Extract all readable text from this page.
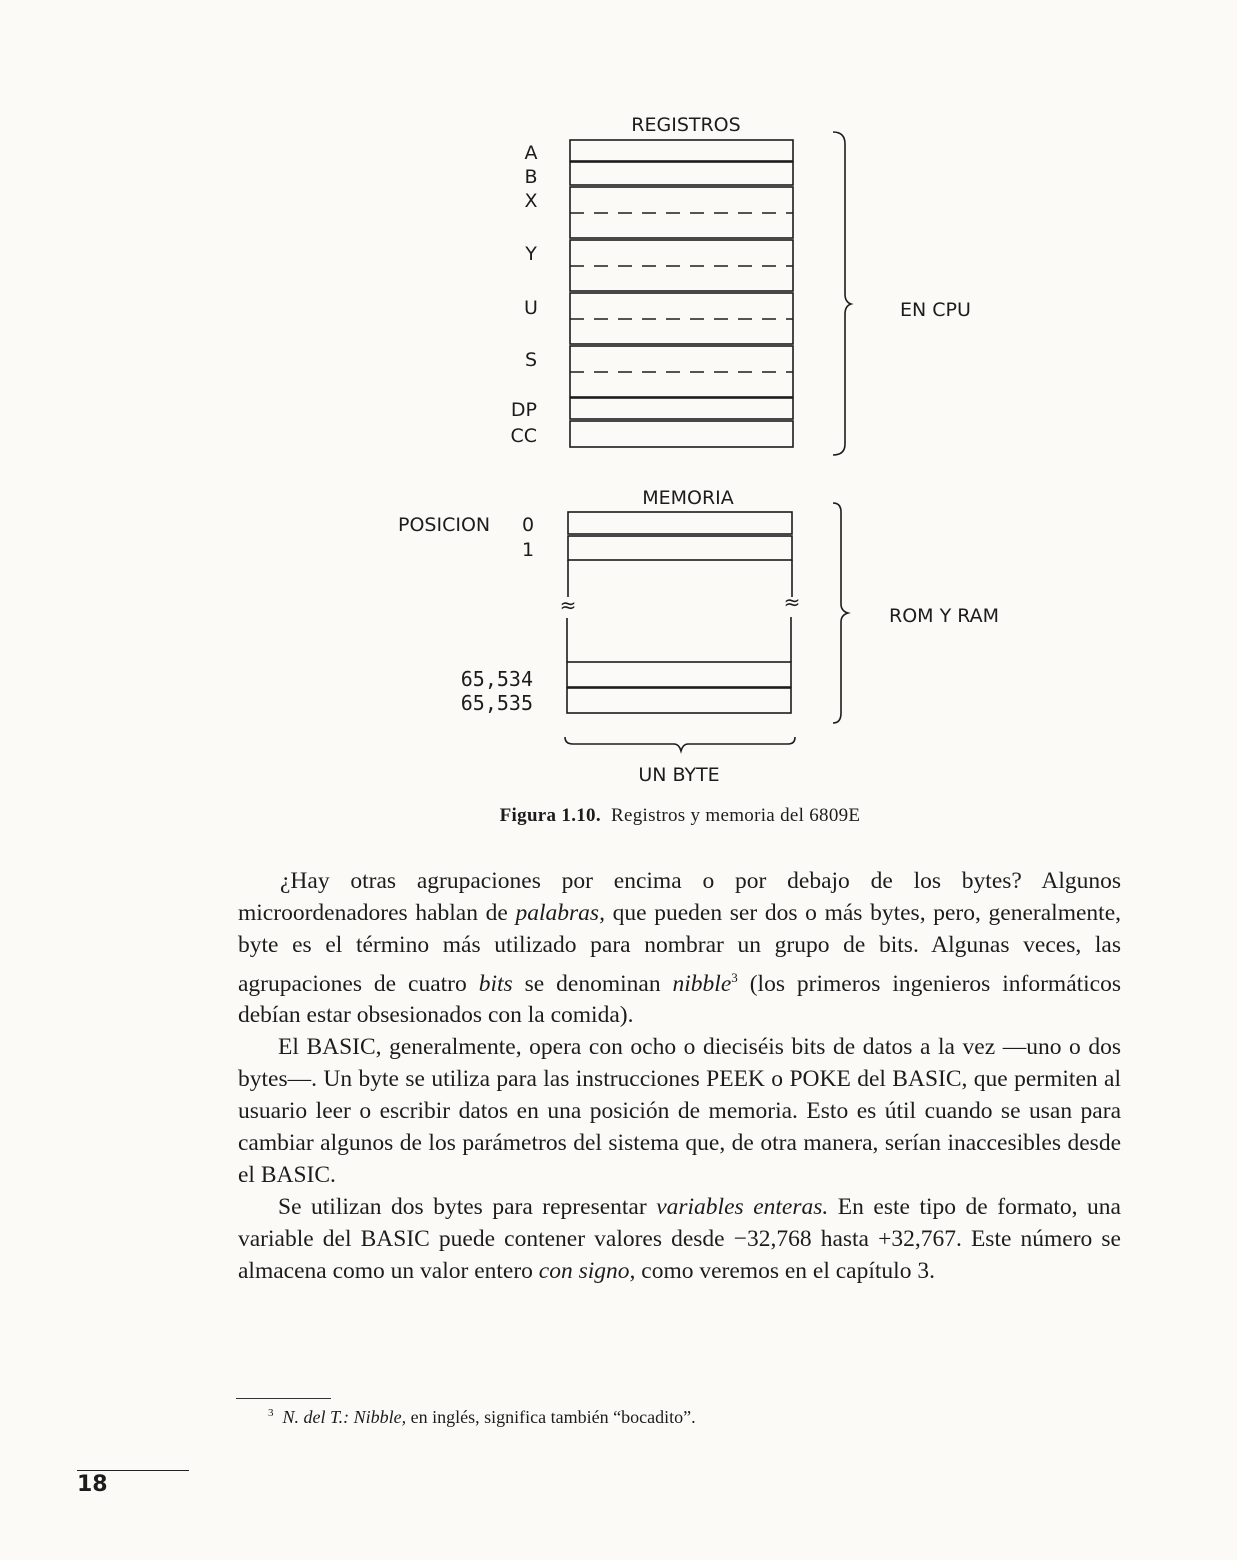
REGISTROS
A
B
X
Y
U
S
DP
CC
EN CPU
MEMORIA
POSICION 0
1
65,534
65,535
≈	≈
ROM Y RAM
UN BYTE
Figura 1.10. Registros y memoria del 6809E

¿Hay otras agrupaciones por encima o por debajo de los bytes? Algunos microordenadores hablan de palabras, que pueden ser dos o más bytes, pero, generalmente, byte es el término más utilizado para nombrar un grupo de bits. Algunas veces, las agrupaciones de cuatro bits se denominan nibble$^3$ (los primeros ingenieros informáticos debían estar obsesionados con la comida).

El BASIC, generalmente, opera con ocho o dieciséis bits de datos a la vez —uno o dos bytes—. Un byte se utiliza para las instrucciones PEEK o POKE del BASIC, que permiten al usuario leer o escribir datos en una posición de memoria. Esto es útil cuando se usan para cambiar algunos de los parámetros del sistema que, de otra manera, serían inaccesibles desde el BASIC.

Se utilizan dos bytes para representar variables enteras. En este tipo de formato, una variable del BASIC puede contener valores desde −32,768 hasta +32,767. Este número se almacena como un valor entero con signo, como veremos en el capítulo 3.

$^3$ N. del T.: Nibble, en inglés, significa también “bocadito”.
18
